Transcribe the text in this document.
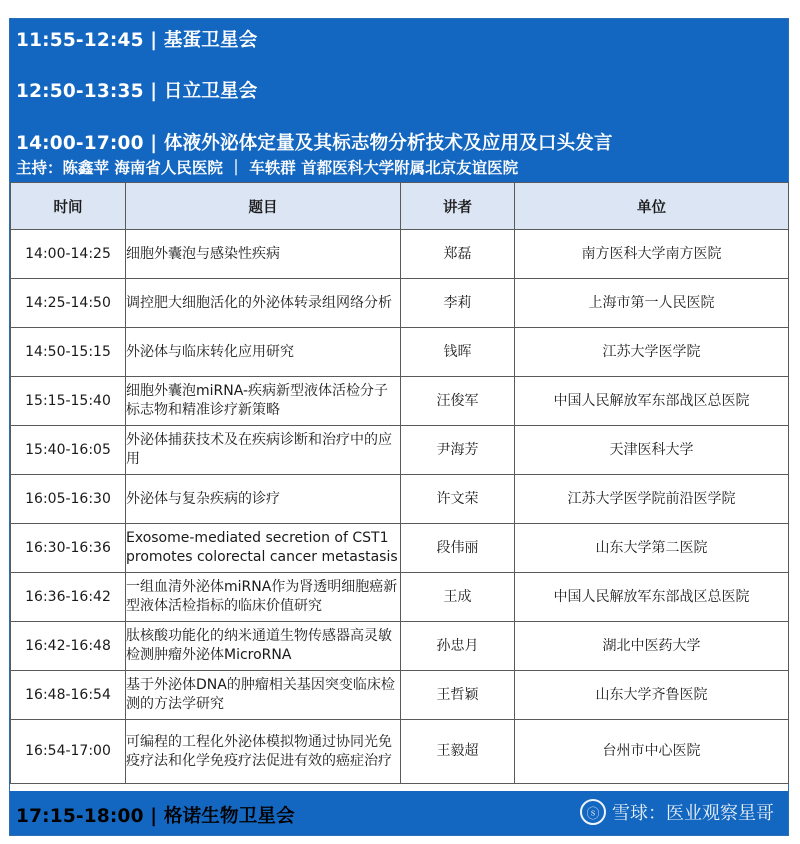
11:55-12:45 | 基蛋卫星会
12:50-13:35 | 日立卫星会
14:00-17:00 | 体液外泌体定量及其标志物分析技术及应用及口头发言
主持：陈鑫苹 海南省人民医院 ｜ 车轶群 首都医科大学附属北京友谊医院
时间	题目	讲者	单位
14:00-14:25	细胞外囊泡与感染性疾病	郑磊	南方医科大学南方医院
14:25-14:50	调控肥大细胞活化的外泌体转录组网络分析	李莉	上海市第一人民医院
14:50-15:15	外泌体与临床转化应用研究	钱晖	江苏大学医学院
15:15-15:40	细胞外囊泡miRNA-疾病新型液体活检分子标志物和精准诊疗新策略	汪俊军	中国人民解放军东部战区总医院
15:40-16:05	外泌体捕获技术及在疾病诊断和治疗中的应用	尹海芳	天津医科大学
16:05-16:30	外泌体与复杂疾病的诊疗	许文荣	江苏大学医学院前沿医学院
16:30-16:36	Exosome-mediated secretion of CST1 promotes colorectal cancer metastasis	段伟丽	山东大学第二医院
16:36-16:42	一组血清外泌体miRNA作为肾透明细胞癌新型液体活检指标的临床价值研究	王成	中国人民解放军东部战区总医院
16:42-16:48	肽核酸功能化的纳米通道生物传感器高灵敏检测肿瘤外泌体MicroRNA	孙忠月	湖北中医药大学
16:48-16:54	基于外泌体DNA的肿瘤相关基因突变临床检测的方法学研究	王哲颖	山东大学齐鲁医院
16:54-17:00	可编程的工程化外泌体模拟物通过协同光免疫疗法和化学免疫疗法促进有效的癌症治疗	王毅超	台州市中心医院
17:15-18:00 | 格诺生物卫星会	ⓢ 雪球：医业观察星哥
